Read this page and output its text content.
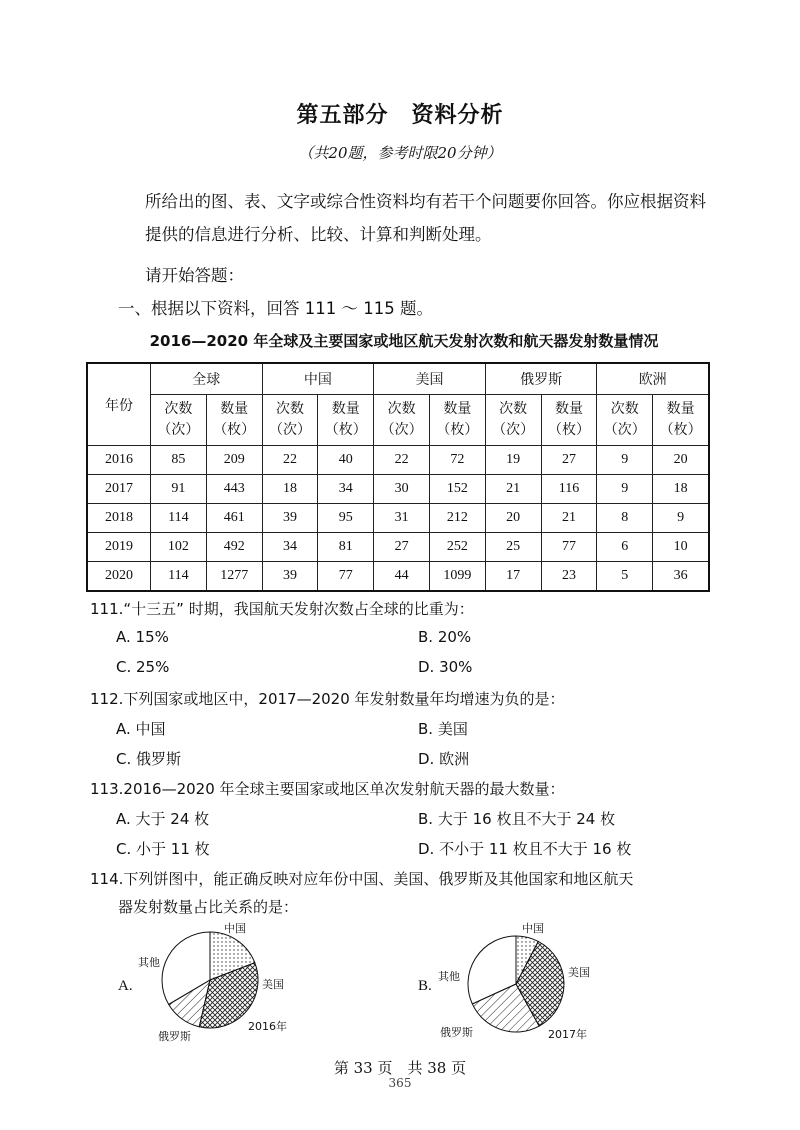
第五部分　资料分析
（共20题，参考时限20分钟）
所给出的图、表、文字或综合性资料均有若干个问题要你回答。你应根据资料提供的信息进行分析、比较、计算和判断处理。
请开始答题：
一、根据以下资料，回答 111 ～ 115 题。
2016—2020 年全球及主要国家或地区航天发射次数和航天器发射数量情况
年份	全球		中国		美国		俄罗斯		欧洲	
	次数（次）	数量（枚）	次数（次）	数量（枚）	次数（次）	数量（枚）	次数（次）	数量（枚）	次数（次）	数量（枚）
2016	85	209	22	40	22	72	19	27	9	20
2017	91	443	18	34	30	152	21	116	9	18
2018	114	461	39	95	31	212	20	21	8	9
2019	102	492	34	81	27	252	25	77	6	10
2020	114	1277	39	77	44	1099	17	23	5	36
111.“十三五” 时期，我国航天发射次数占全球的比重为：
A. 15%	B. 20%
C. 25%	D. 30%
112.下列国家或地区中，2017—2020 年发射数量年均增速为负的是：
A. 中国	B. 美国
C. 俄罗斯	D. 欧洲
113.2016—2020 年全球主要国家或地区单次发射航天器的最大数量：
A. 大于 24 枚	B. 大于 16 枚且不大于 24 枚
C. 小于 11 枚	D. 不小于 11 枚且不大于 16 枚
114.下列饼图中，能正确反映对应年份中国、美国、俄罗斯及其他国家和地区航天
器发射数量占比关系的是：
A.
中国
美国
俄罗斯
其他
2016年
B.
中国
美国
俄罗斯
其他
2017年
第 33 页　共 38 页
365
